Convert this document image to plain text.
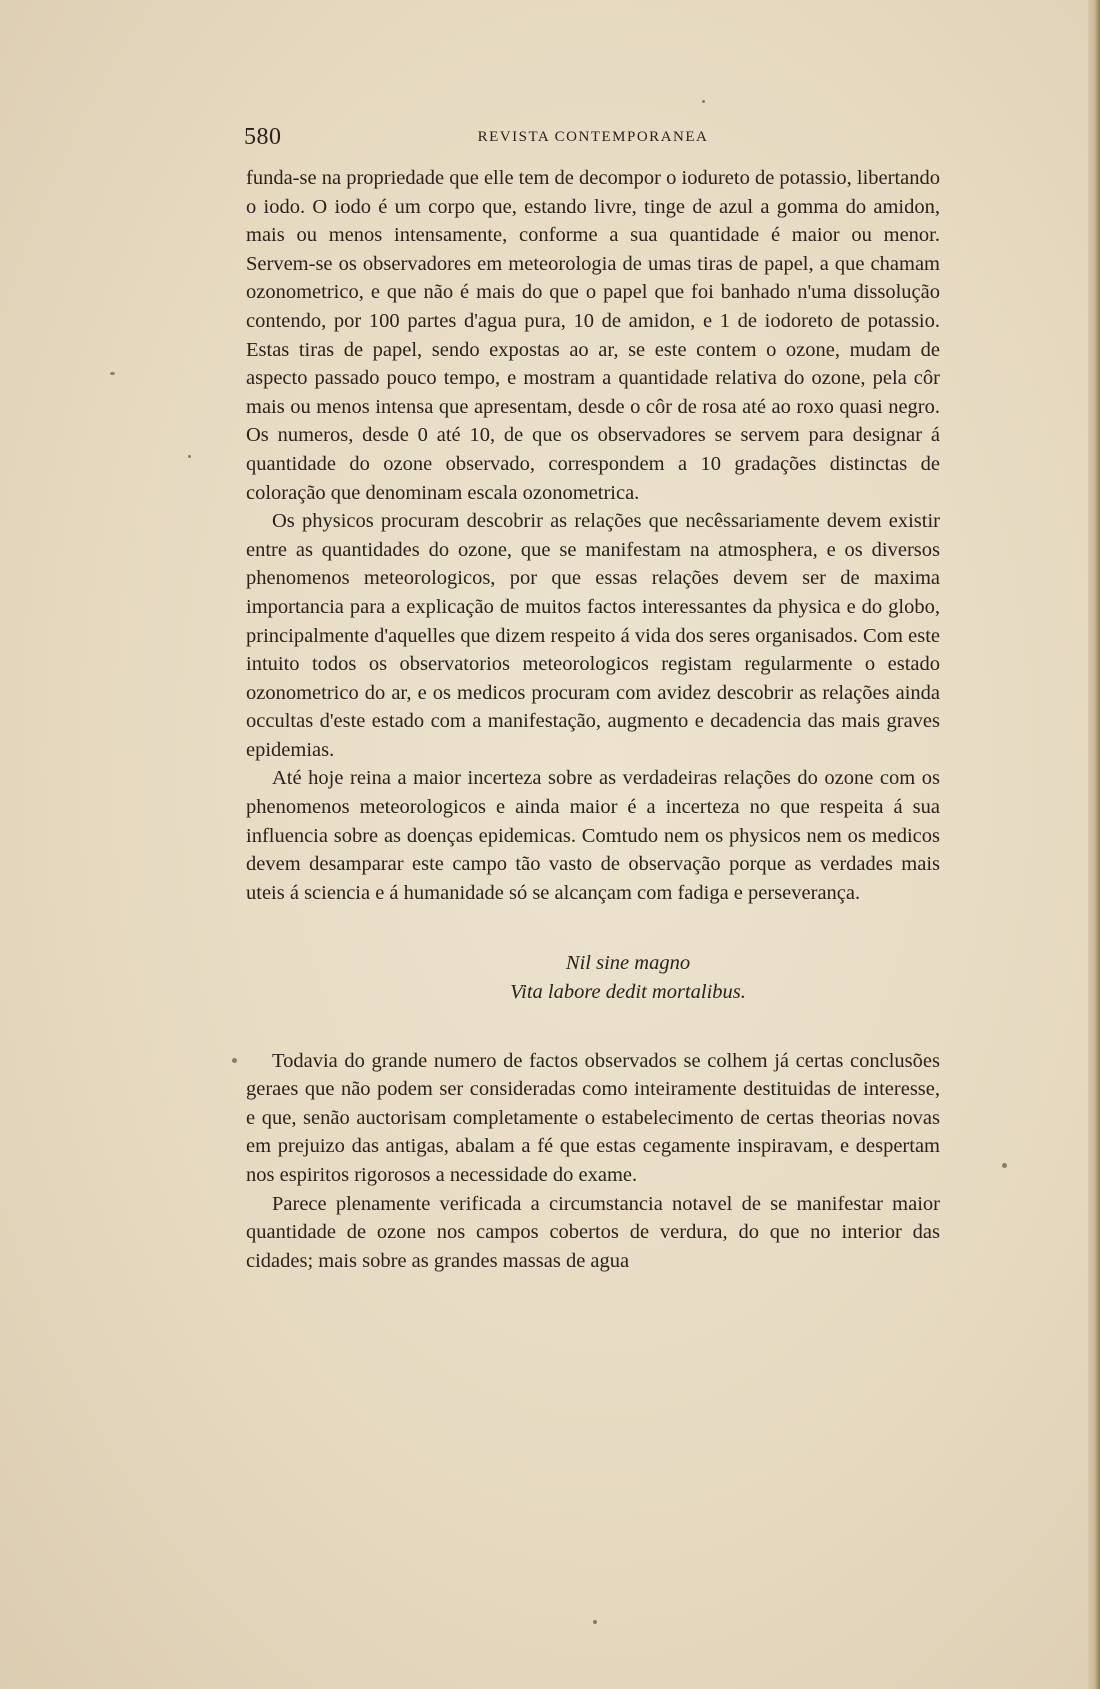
580	REVISTA CONTEMPORANEA

funda-se na propriedade que elle tem de decompor o iodureto de potassio, libertando o iodo. O iodo é um corpo que, estando livre, tinge de azul a gomma do amidon, mais ou menos intensamente, conforme a sua quantidade é maior ou menor. Servem-se os observadores em meteorologia de umas tiras de papel, a que chamam ozonometrico, e que não é mais do que o papel que foi banhado n'uma dissolução contendo, por 100 partes d'agua pura, 10 de amidon, e 1 de iodoreto de potassio. Estas tiras de papel, sendo expostas ao ar, se este contem o ozone, mudam de aspecto passado pouco tempo, e mostram a quantidade relativa do ozone, pela côr mais ou menos intensa que apresentam, desde o côr de rosa até ao roxo quasi negro. Os numeros, desde 0 até 10, de que os observadores se servem para designar á quantidade do ozone observado, correspondem a 10 gradações distinctas de coloração que denominam escala ozonometrica.

Os physicos procuram descobrir as relações que necêssariamente devem existir entre as quantidades do ozone, que se manifestam na atmosphera, e os diversos phenomenos meteorologicos, por que essas relações devem ser de maxima importancia para a explicação de muitos factos interessantes da physica e do globo, principalmente d'aquelles que dizem respeito á vida dos seres organisados. Com este intuito todos os observatorios meteorologicos registam regularmente o estado ozonometrico do ar, e os medicos procuram com avidez descobrir as relações ainda occultas d'este estado com a manifestação, augmento e decadencia das mais graves epidemias.

Até hoje reina a maior incerteza sobre as verdadeiras relações do ozone com os phenomenos meteorologicos e ainda maior é a incerteza no que respeita á sua influencia sobre as doenças epidemicas. Comtudo nem os physicos nem os medicos devem desamparar este campo tão vasto de observação porque as verdades mais uteis á sciencia e á humanidade só se alcançam com fadiga e perseverança.

Nil sine magno
Vita labore dedit mortalibus.

Todavia do grande numero de factos observados se colhem já certas conclusões geraes que não podem ser consideradas como inteiramente destituidas de interesse, e que, senão auctorisam completamente o estabelecimento de certas theorias novas em prejuizo das antigas, abalam a fé que estas cegamente inspiravam, e despertam nos espiritos rigorosos a necessidade do exame.

Parece plenamente verificada a circumstancia notavel de se manifestar maior quantidade de ozone nos campos cobertos de verdura, do que no interior das cidades; mais sobre as grandes massas de agua
